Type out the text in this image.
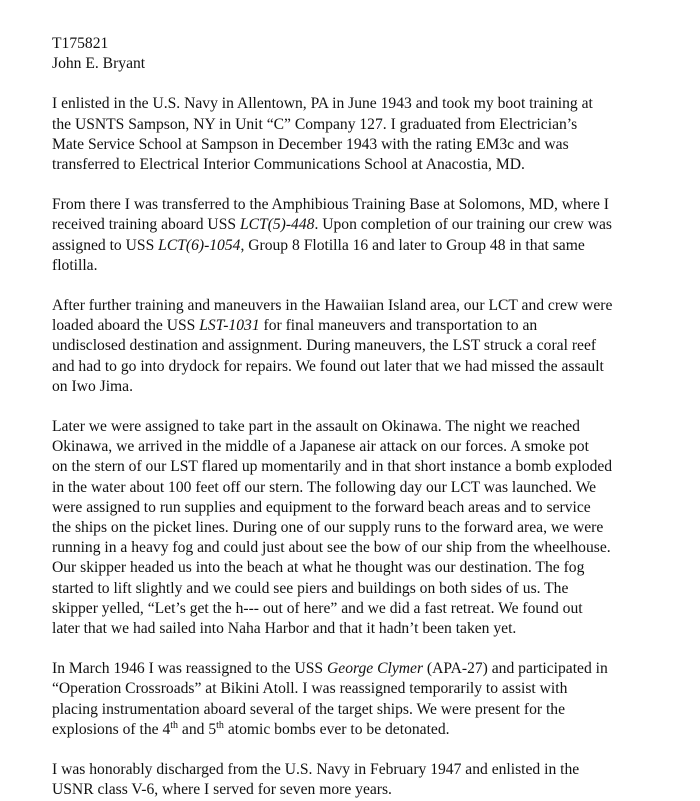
T175821
John E. Bryant
I enlisted in the U.S. Navy in Allentown, PA in June 1943 and took my boot training at
the USNTS Sampson, NY in Unit “C” Company 127. I graduated from Electrician’s
Mate Service School at Sampson in December 1943 with the rating EM3c and was
transferred to Electrical Interior Communications School at Anacostia, MD.
From there I was transferred to the Amphibious Training Base at Solomons, MD, where I
received training aboard USS LCT(5)-448. Upon completion of our training our crew was
assigned to USS LCT(6)-1054, Group 8 Flotilla 16 and later to Group 48 in that same
flotilla.
After further training and maneuvers in the Hawaiian Island area, our LCT and crew were
loaded aboard the USS LST-1031 for final maneuvers and transportation to an
undisclosed destination and assignment. During maneuvers, the LST struck a coral reef
and had to go into drydock for repairs. We found out later that we had missed the assault
on Iwo Jima.
Later we were assigned to take part in the assault on Okinawa. The night we reached
Okinawa, we arrived in the middle of a Japanese air attack on our forces. A smoke pot
on the stern of our LST flared up momentarily and in that short instance a bomb exploded
in the water about 100 feet off our stern. The following day our LCT was launched. We
were assigned to run supplies and equipment to the forward beach areas and to service
the ships on the picket lines. During one of our supply runs to the forward area, we were
running in a heavy fog and could just about see the bow of our ship from the wheelhouse.
Our skipper headed us into the beach at what he thought was our destination. The fog
started to lift slightly and we could see piers and buildings on both sides of us. The
skipper yelled, “Let’s get the h--- out of here” and we did a fast retreat. We found out
later that we had sailed into Naha Harbor and that it hadn’t been taken yet.
In March 1946 I was reassigned to the USS George Clymer (APA-27) and participated in
“Operation Crossroads” at Bikini Atoll. I was reassigned temporarily to assist with
placing instrumentation aboard several of the target ships. We were present for the
explosions of the 4th and 5th atomic bombs ever to be detonated.
I was honorably discharged from the U.S. Navy in February 1947 and enlisted in the
USNR class V-6, where I served for seven more years.
